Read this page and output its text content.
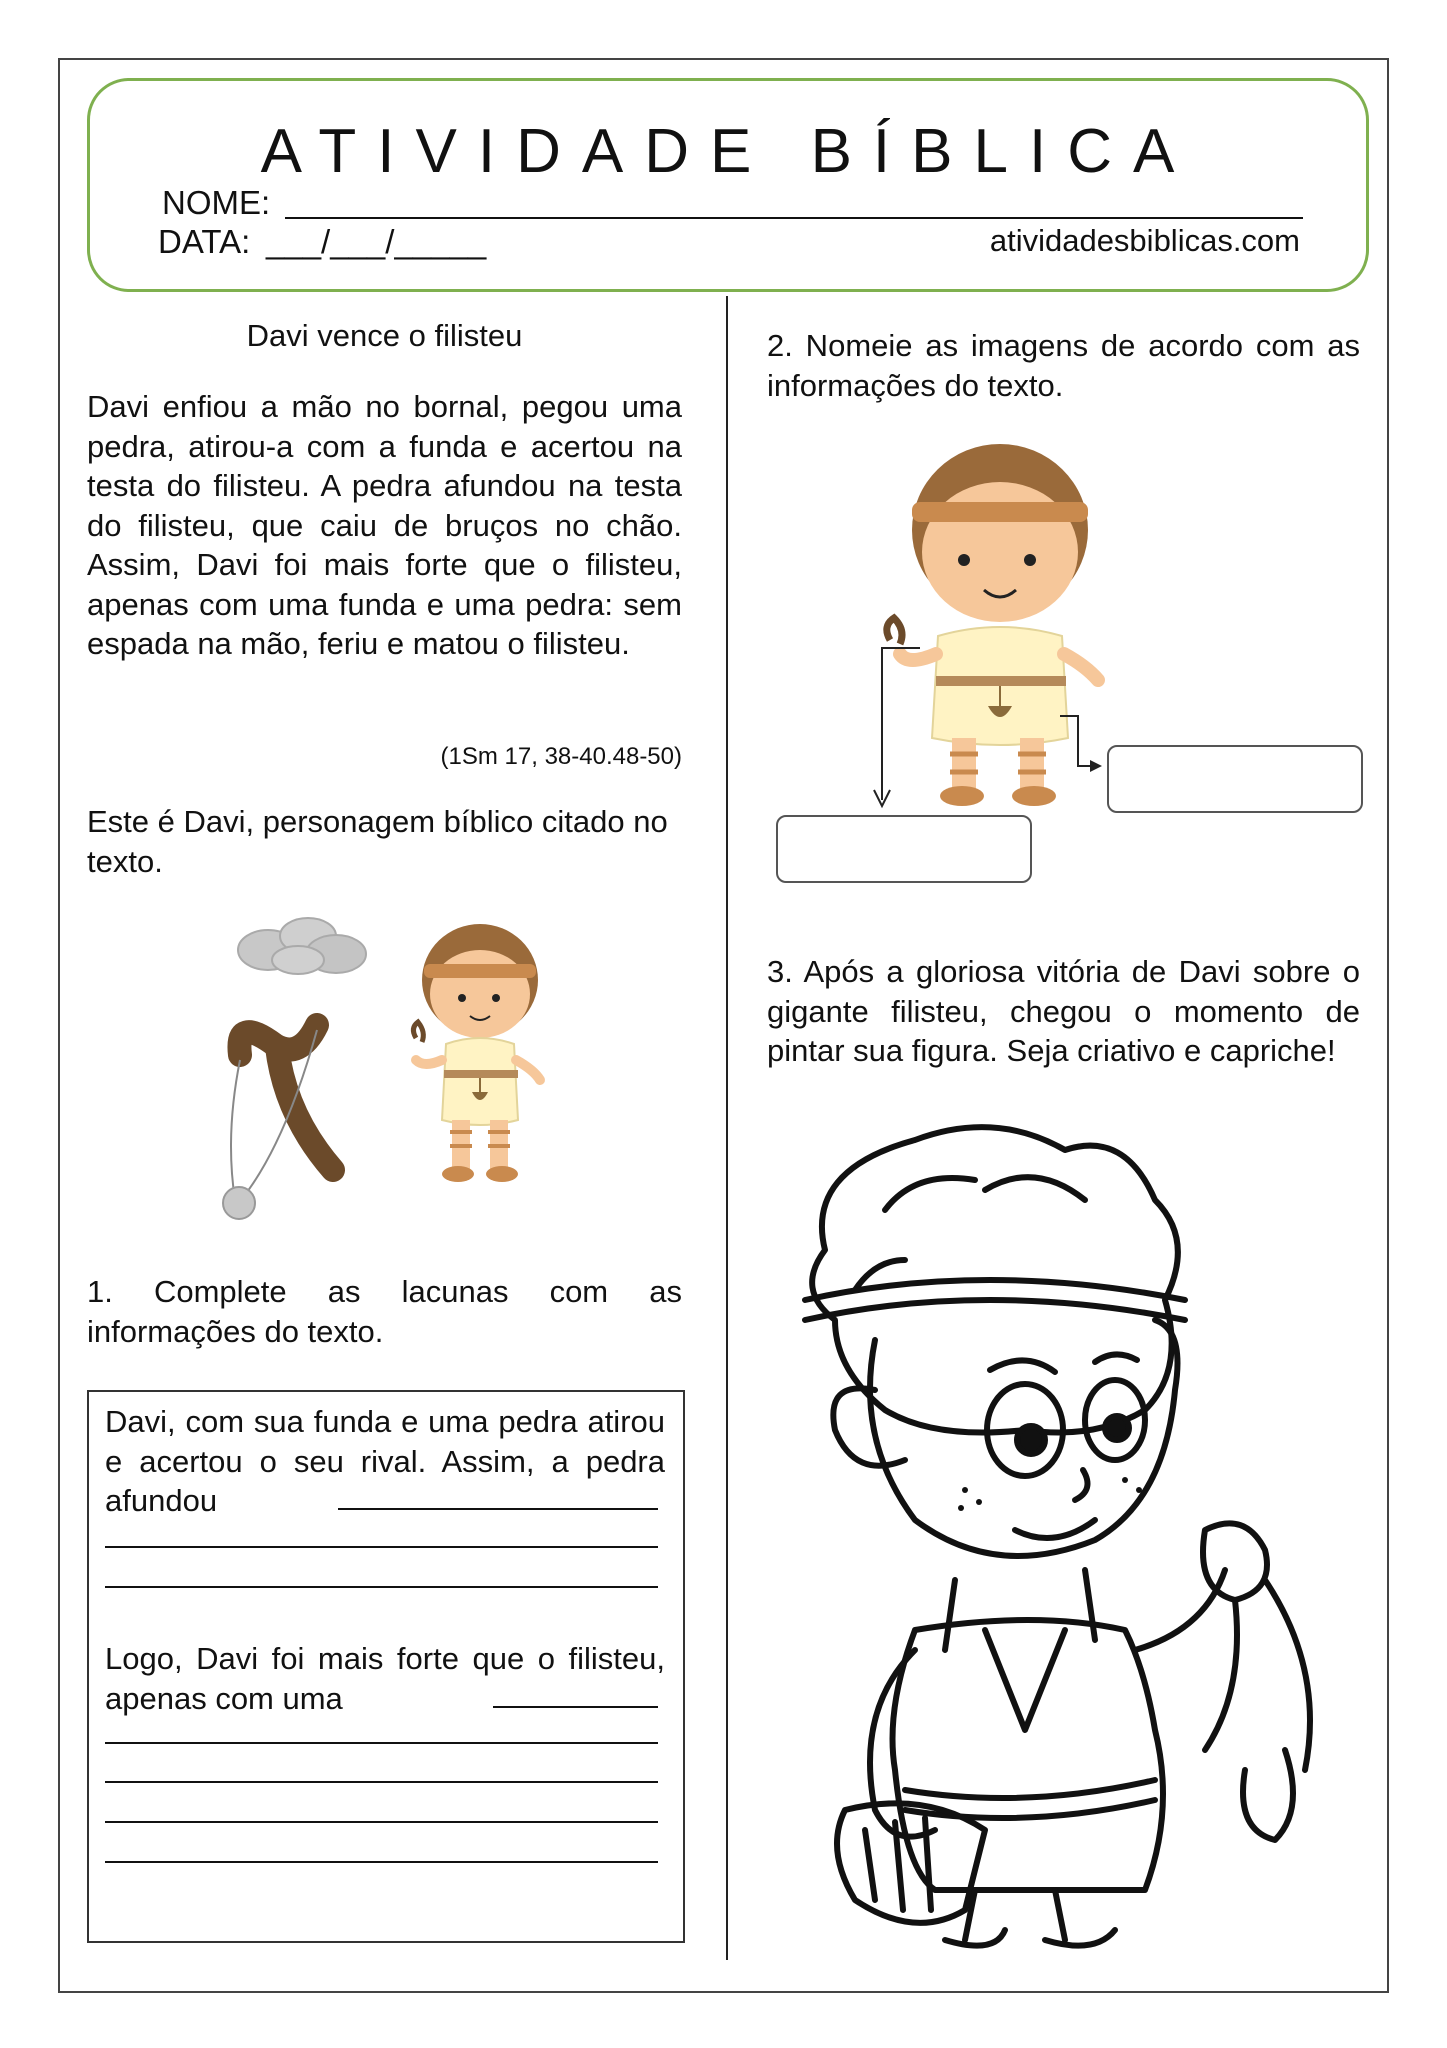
ATIVIDADE BÍBLICA
NOME:
DATA: ___/___/_____	atividadesbiblicas.com
Davi vence o filisteu
Davi enfiou a mão no bornal, pegou uma pedra, atirou-a com a funda e acertou na testa do filisteu. A pedra afundou na testa do filisteu, que caiu de bruços no chão. Assim, Davi foi mais forte que o filisteu, apenas com uma funda e uma pedra: sem espada na mão, feriu e matou o filisteu.
(1Sm 17, 38-40.48-50)
Este é Davi, personagem bíblico citado no texto.
1. Complete as lacunas com as informações do texto.
Davi, com sua funda e uma pedra atirou e acertou o seu rival. Assim, a pedra afundou
Logo, Davi foi mais forte que o filisteu, apenas com uma
2. Nomeie as imagens de acordo com as informações do texto.
3. Após a gloriosa vitória de Davi sobre o gigante filisteu, chegou o momento de pintar sua figura. Seja criativo e capriche!
